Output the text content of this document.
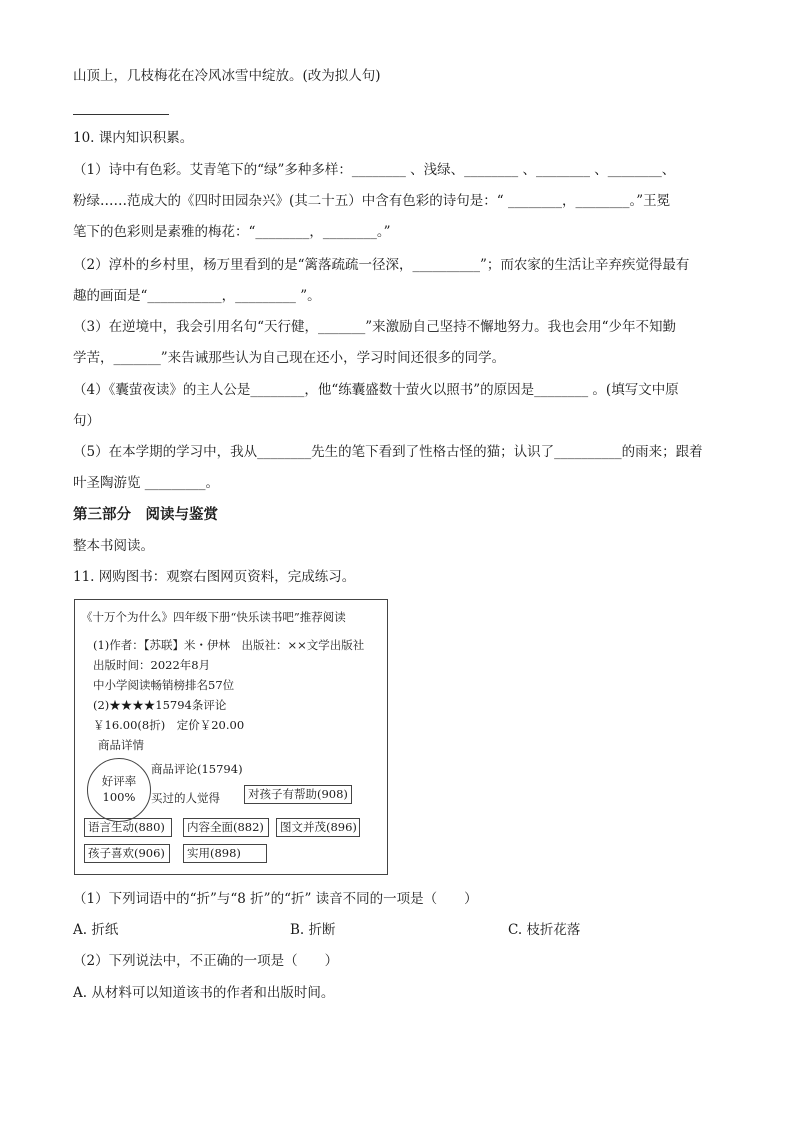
山顶上，几枝梅花在冷风冰雪中绽放。(改为拟人句)
10. 课内知识积累。
（1）诗中有色彩。艾青笔下的“绿”多种多样：________ 、浅绿、________ 、________ 、________、
粉绿……范成大的《四时田园杂兴》(其二十五）中含有色彩的诗句是：“ ________，________。”王冕
笔下的色彩则是素雅的梅花：“________，________。”
（2）淳朴的乡村里，杨万里看到的是“篱落疏疏一径深，__________”；而农家的生活让辛弃疾觉得最有
趣的画面是“___________，_________ ”。
（3）在逆境中，我会引用名句“天行健，_______”来激励自己坚持不懈地努力。我也会用“少年不知勤
学苦，_______”来告诫那些认为自己现在还小，学习时间还很多的同学。
（4）《囊萤夜读》的主人公是________，他“练囊盛数十萤火以照书”的原因是________ 。(填写文中原
句）
（5）在本学期的学习中，我从________先生的笔下看到了性格古怪的猫；认识了__________的雨来；跟着
叶圣陶游览 _________。
第三部分　阅读与鉴赏
整本书阅读。
11. 网购图书：观察右图网页资料，完成练习。
《十万个为什么》四年级下册“快乐读书吧”推荐阅读
(1)作者：【苏联】米・伊林　出版社：××文学出版社
出版时间：2022年8月
中小学阅读畅销榜排名57位
(2)★★★★15794条评论
￥16.00(8折)　定价￥20.00
商品详情
好评率
100%
商品评论(15794)
买过的人觉得	对孩子有帮助(908)
语言生动(880)	内容全面(882)	图文并茂(896)
孩子喜欢(906)	实用(898)
（1）下列词语中的“折”与“8 折”的“折” 读音不同的一项是（　　）
A. 折纸	B. 折断	C. 枝折花落
（2）下列说法中，不正确的一项是（　　）
A. 从材料可以知道该书的作者和出版时间。
